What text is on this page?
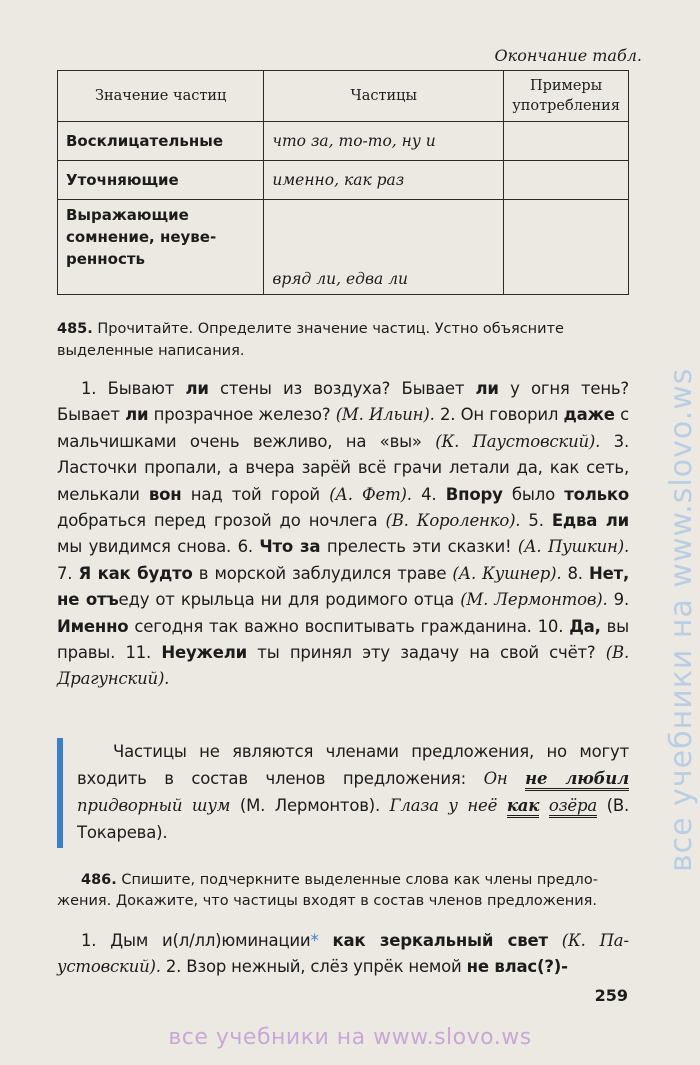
Окончание табл.
Значение частиц	Частицы	Примеры употребления
Восклицательные	что за, то-то, ну и	
Уточняющие	именно, как раз	
Выражающие сомнение, неуверенность	вряд ли, едва ли	
485. Прочитайте. Определите значение частиц. Устно объясните выделенные написания.
1. Бывают ли стены из воздуха? Бывает ли у огня тень? Бывает ли прозрачное железо? (М. Ильин). 2. Он говорил даже с мальчишками очень вежливо, на «вы» (К. Паустовский). 3. Ласточки пропали, а вчера зарёй всё грачи летали да, как сеть, мелькали вон над той горой (А. Фет). 4. Впору было только добраться перед грозой до ночлега (В. Короленко). 5. Едва ли мы увидимся снова. 6. Что за прелесть эти сказки! (А. Пушкин). 7. Я как будто в морской заблудился траве (А. Кушнер). 8. Нет, не отъедy от крыльца ни для родимого отца (М. Лермонтов). 9. Именно сегодня так важно воспитывать гражданина. 10. Да, вы правы. 11. Неужели ты принял эту задачу на свой счёт? (В. Драгунский).
Частицы не являются членами предложения, но могут входить в состав членов предложения: Он не любил придворный шум (М. Лермонтов). Глаза у неё как озёра (В. Токарева).
486. Спишите, подчеркните выделенные слова как члены предложения. Докажите, что частицы входят в состав членов предложения.
1. Дым и(л/лл)юминации* как зеркальный свет (К. Паустовский). 2. Взор нежный, слёз упрёк немой не влас(?)-
259
все учебники на www.slovo.ws
все учебники на www.slovo.ws
